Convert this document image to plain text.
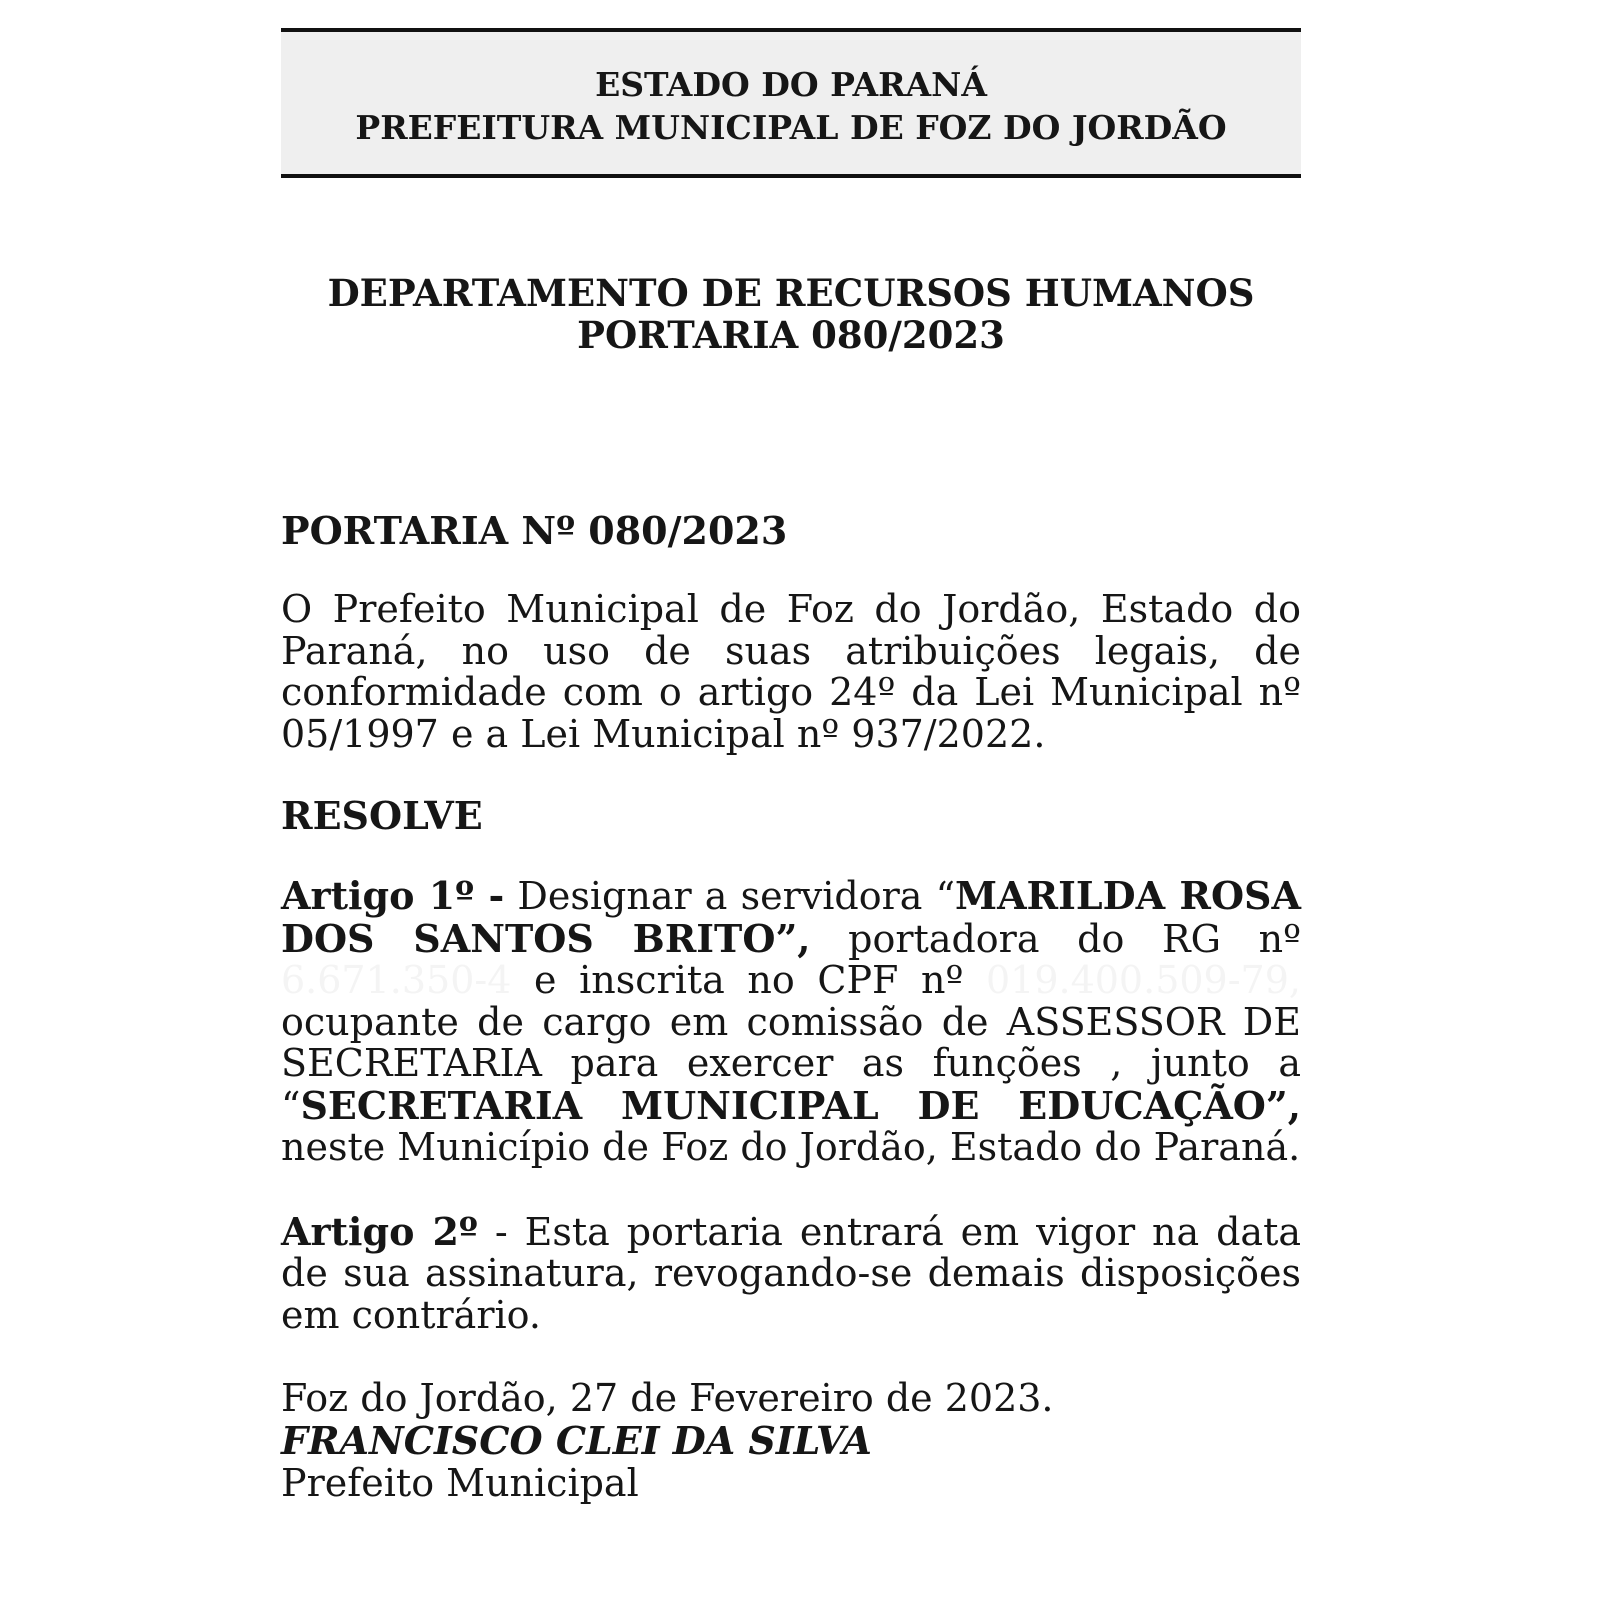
ESTADO DO PARANÁ
PREFEITURA MUNICIPAL DE FOZ DO JORDÃO
DEPARTAMENTO DE RECURSOS HUMANOS
PORTARIA 080/2023

PORTARIA Nº 080/2023

O Prefeito Municipal de Foz do Jordão, Estado do Paraná, no uso de suas atribuições legais, de conformidade com o artigo 24º da Lei Municipal nº 05/1997 e a Lei Municipal nº 937/2022.

RESOLVE

Artigo 1º - Designar a servidora “MARILDA ROSA DOS SANTOS BRITO”, portadora do RG nº 6.671.350-4 e inscrita no CPF nº 019.400.509-79, ocupante de cargo em comissão de ASSESSOR DE SECRETARIA para exercer as funções , junto a “SECRETARIA MUNICIPAL DE EDUCAÇÃO”, neste Município de Foz do Jordão, Estado do Paraná.

Artigo 2º - Esta portaria entrará em vigor na data de sua assinatura, revogando-se demais disposições em contrário.

Foz do Jordão, 27 de Fevereiro de 2023.

FRANCISCO CLEI DA SILVA

Prefeito Municipal
